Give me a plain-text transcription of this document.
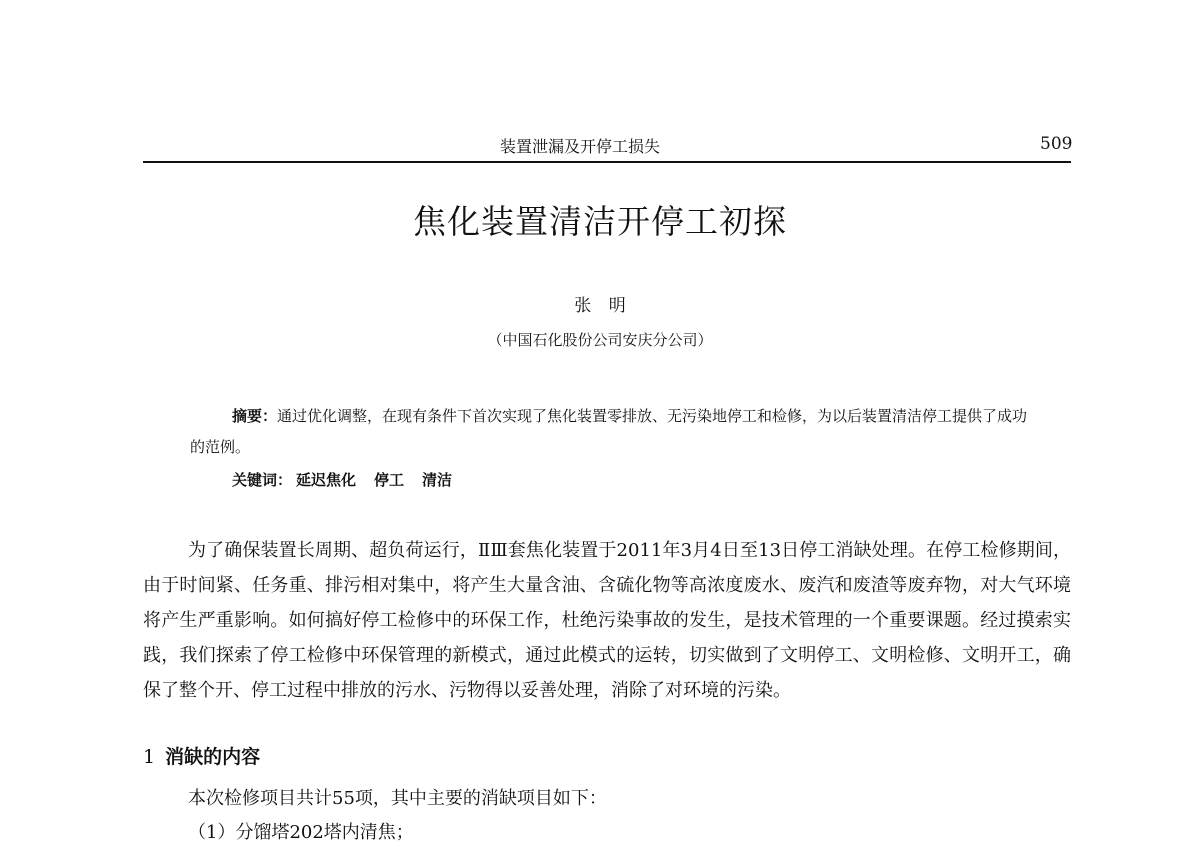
装置泄漏及开停工损失	509
焦化装置清洁开停工初探
张 明
（中国石化股份公司安庆分公司）
摘要：通过优化调整，在现有条件下首次实现了焦化装置零排放、无污染地停工和检修，为以后装置清洁停工提供了成功的范例。
关键词： 延迟焦化 停工 清洁

为了确保装置长周期、超负荷运行，ⅡⅢ套焦化装置于2011年3月4日至13日停工消缺处理。在停工检修期间，由于时间紧、任务重、排污相对集中，将产生大量含油、含硫化物等高浓度废水、废汽和废渣等废弃物，对大气环境将产生严重影响。如何搞好停工检修中的环保工作，杜绝污染事故的发生，是技术管理的一个重要课题。经过摸索实践，我们探索了停工检修中环保管理的新模式，通过此模式的运转，切实做到了文明停工、文明检修、文明开工，确保了整个开、停工过程中排放的污水、污物得以妥善处理，消除了对环境的污染。

1 消缺的内容
本次检修项目共计55项，其中主要的消缺项目如下：
（1）分馏塔202塔内清焦；
